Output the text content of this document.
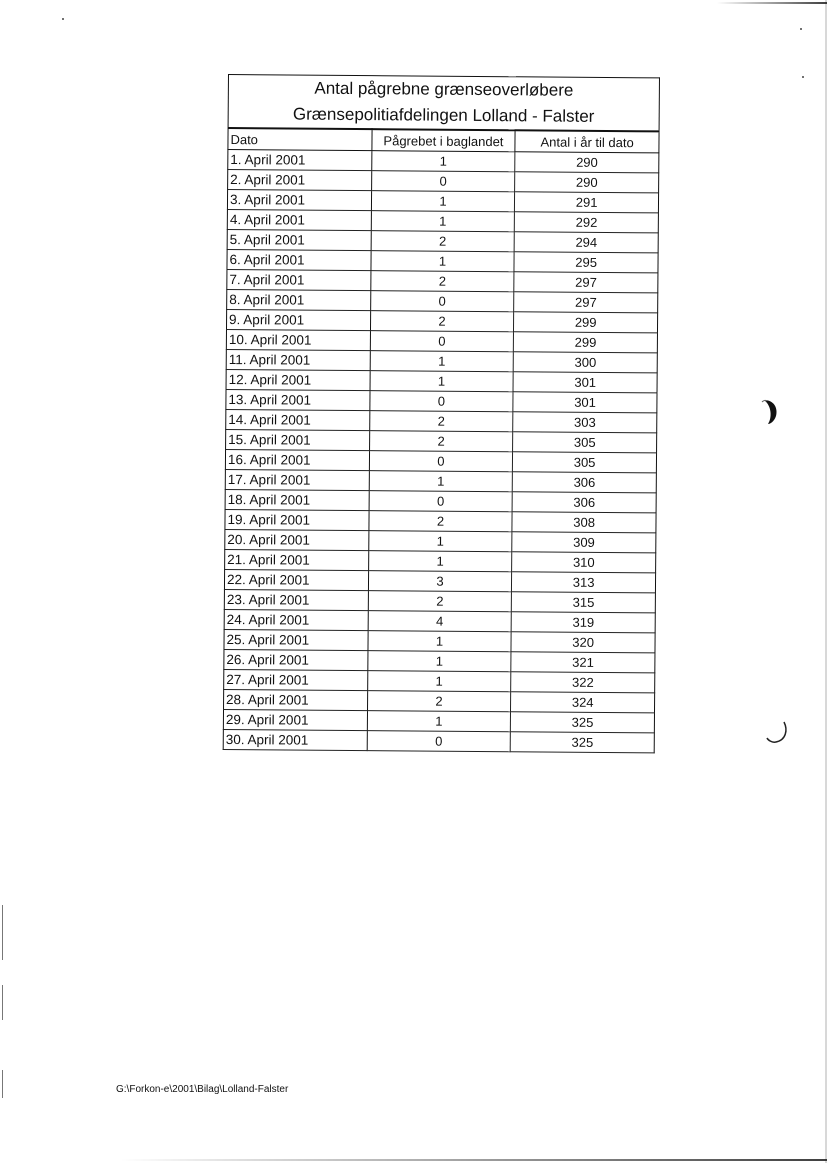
Antal pågrebne grænseoverløbere
Grænsepolitiafdelingen Lolland - Falster		

Dato	Pågrebet i baglandet	Antal i år til dato
1. April 2001	1	290
2. April 2001	0	290
3. April 2001	1	291
4. April 2001	1	292
5. April 2001	2	294
6. April 2001	1	295
7. April 2001	2	297
8. April 2001	0	297
9. April 2001	2	299
10. April 2001	0	299
11. April 2001	1	300
12. April 2001	1	301
13. April 2001	0	301
14. April 2001	2	303
15. April 2001	2	305
16. April 2001	0	305
17. April 2001	1	306
18. April 2001	0	306
19. April 2001	2	308
20. April 2001	1	309
21. April 2001	1	310
22. April 2001	3	313
23. April 2001	2	315
24. April 2001	4	319
25. April 2001	1	320
26. April 2001	1	321
27. April 2001	1	322
28. April 2001	2	324
29. April 2001	1	325
30. April 2001	0	325
G:\Forkon-e\2001\Bilag\Lolland-Falster
